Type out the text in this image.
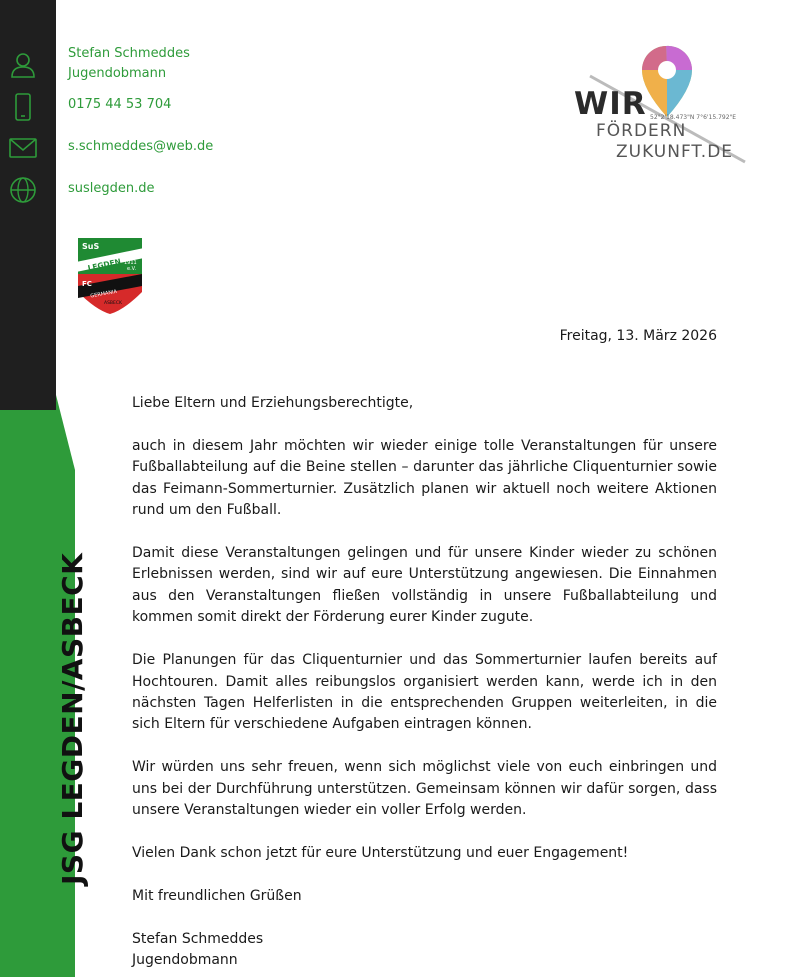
JSG LEGDEN/ASBECK
Stefan Schmeddes
Jugendobmann
0175 44 53 704
s.schmeddes@web.de
suslegden.de
SuS
LEGDEN 1911
e.V.
FC
GERMANIA
ASBECK
WIR 52°2'18.473"N 7°6'15.792"E
FÖRDERN
ZUKUNFT.DE
Freitag, 13. März 2026

Liebe Eltern und Erziehungsberechtigte,

auch in diesem Jahr möchten wir wieder einige tolle Veranstaltungen für unsere Fußballabteilung auf die Beine stellen – darunter das jährliche Cliquenturnier sowie das Feimann-Sommerturnier. Zusätzlich planen wir aktuell noch weitere Aktionen rund um den Fußball.

Damit diese Veranstaltungen gelingen und für unsere Kinder wieder zu schönen Erlebnissen werden, sind wir auf eure Unterstützung angewiesen. Die Einnahmen aus den Veranstaltungen fließen vollständig in unsere Fußballabteilung und kommen somit direkt der Förderung eurer Kinder zugute.

Die Planungen für das Cliquenturnier und das Sommerturnier laufen bereits auf Hochtouren. Damit alles reibungslos organisiert werden kann, werde ich in den nächsten Tagen Helferlisten in die entsprechenden Gruppen weiterleiten, in die sich Eltern für verschiedene Aufgaben eintragen können.

Wir würden uns sehr freuen, wenn sich möglichst viele von euch einbringen und uns bei der Durchführung unterstützen. Gemeinsam können wir dafür sorgen, dass unsere Veranstaltungen wieder ein voller Erfolg werden.

Vielen Dank schon jetzt für eure Unterstützung und euer Engagement!

Mit freundlichen Grüßen

Stefan Schmeddes

Jugendobmann
